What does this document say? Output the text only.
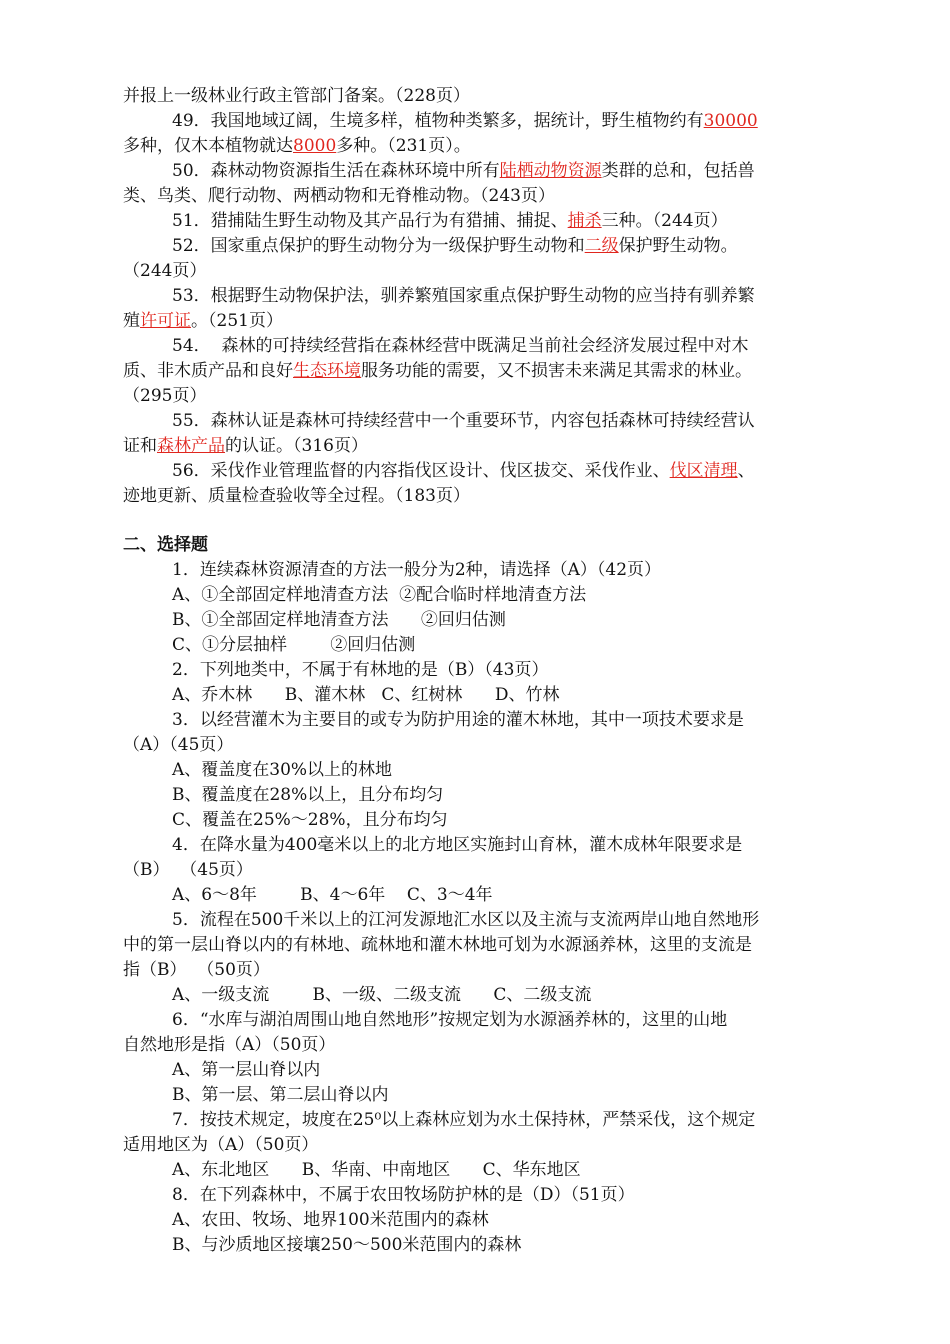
并报上一级林业行政主管部门备案。（228页）
49．我国地域辽阔，生境多样，植物种类繁多，据统计，野生植物约有30000
多种，仅木本植物就达8000多种。（231页）。
50．森林动物资源指生活在森林环境中所有陆栖动物资源类群的总和，包括兽
类、鸟类、爬行动物、两栖动物和无脊椎动物。（243页）
51．猎捕陆生野生动物及其产品行为有猎捕、捕捉、捕杀三种。（244页）
52．国家重点保护的野生动物分为一级保护野生动物和二级保护野生动物。
（244页）
53．根据野生动物保护法，驯养繁殖国家重点保护野生动物的应当持有驯养繁
殖许可证。（251页）
54．  森林的可持续经营指在森林经营中既满足当前社会经济发展过程中对木
质、非木质产品和良好生态环境服务功能的需要，又不损害未来满足其需求的林业。
（295页）
55．森林认证是森林可持续经营中一个重要环节，内容包括森林可持续经营认
证和森林产品的认证。（316页）
56．采伐作业管理监督的内容指伐区设计、伐区拔交、采伐作业、伐区清理、
迹地更新、质量检查验收等全过程。（183页）
二、选择题
1．连续森林资源清查的方法一般分为2种，请选择（A）（42页）
A、①全部固定样地清查方法  ②配合临时样地清查方法
B、①全部固定样地清查方法      ②回归估测
C、①分层抽样        ②回归估测
2．下列地类中，不属于有林地的是（B）（43页）
A、乔木林      B、灌木林   C、红树林      D、竹林
3．以经营灌木为主要目的或专为防护用途的灌木林地，其中一项技术要求是
（A）（45页）
A、覆盖度在30%以上的林地
B、覆盖度在28%以上，且分布均匀
C、覆盖在25%～28%，且分布均匀
4．在降水量为400毫米以上的北方地区实施封山育林，灌木成林年限要求是
（B）  （45页）
A、6～8年        B、4～6年    C、3～4年
5．流程在500千米以上的江河发源地汇水区以及主流与支流两岸山地自然地形
中的第一层山脊以内的有林地、疏林地和灌木林地可划为水源涵养林，这里的支流是
指（B）  （50页）
A、一级支流        B、一级、二级支流      C、二级支流
6．“水库与湖泊周围山地自然地形”按规定划为水源涵养林的，这里的山地
自然地形是指（A）（50页）
A、第一层山脊以内
B、第一层、第二层山脊以内
7．按技术规定，坡度在25⁰以上森林应划为水土保持林，严禁采伐，这个规定
适用地区为（A）（50页）
A、东北地区      B、华南、中南地区      C、华东地区
8．在下列森林中，不属于农田牧场防护林的是（D）（51页）
A、农田、牧场、地界100米范围内的森林
B、与沙质地区接壤250～500米范围内的森林
